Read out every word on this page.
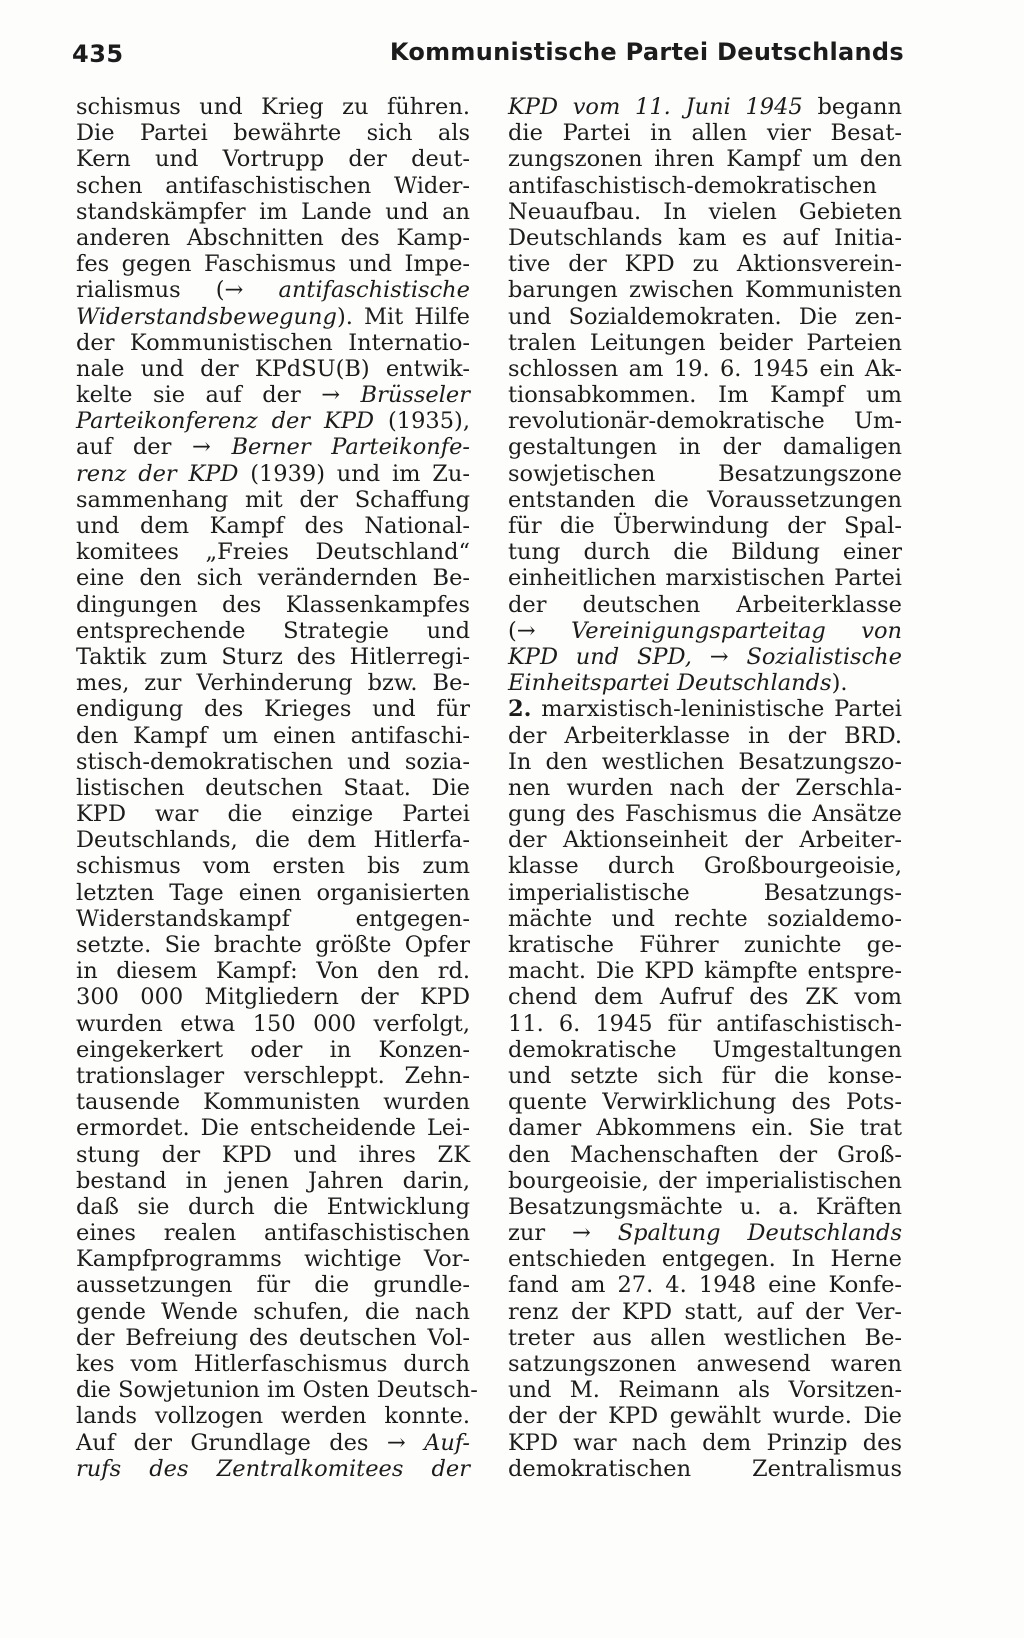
435	Kommunistische Partei Deutschlands
schismus und Krieg zu führen.
Die Partei bewährte sich als
Kern und Vortrupp der deut-
schen antifaschistischen Wider-
standskämpfer im Lande und an
anderen Abschnitten des Kamp-
fes gegen Faschismus und Impe-
rialismus (→ antifaschistische
Widerstandsbewegung). Mit Hilfe
der Kommunistischen Internatio-
nale und der KPdSU(B) entwik-
kelte sie auf der → Brüsseler
Parteikonferenz der KPD (1935),
auf der → Berner Parteikonfe-
renz der KPD (1939) und im Zu-
sammenhang mit der Schaffung
und dem Kampf des National-
komitees „Freies Deutschland“
eine den sich verändernden Be-
dingungen des Klassenkampfes
entsprechende Strategie und
Taktik zum Sturz des Hitlerregi-
mes, zur Verhinderung bzw. Be-
endigung des Krieges und für
den Kampf um einen antifaschi-
stisch-demokratischen und sozia-
listischen deutschen Staat. Die
KPD war die einzige Partei
Deutschlands, die dem Hitlerfa-
schismus vom ersten bis zum
letzten Tage einen organisierten
Widerstandskampf entgegen-
setzte. Sie brachte größte Opfer
in diesem Kampf: Von den rd.
300 000 Mitgliedern der KPD
wurden etwa 150 000 verfolgt,
eingekerkert oder in Konzen-
trationslager verschleppt. Zehn-
tausende Kommunisten wurden
ermordet. Die entscheidende Lei-
stung der KPD und ihres ZK
bestand in jenen Jahren darin,
daß sie durch die Entwicklung
eines realen antifaschistischen
Kampfprogramms wichtige Vor-
aussetzungen für die grundle-
gende Wende schufen, die nach
der Befreiung des deutschen Vol-
kes vom Hitlerfaschismus durch
die Sowjetunion im Osten Deutsch-
lands vollzogen werden konnte.
Auf der Grundlage des → Auf-
rufs des Zentralkomitees der
KPD vom 11. Juni 1945 begann
die Partei in allen vier Besat-
zungszonen ihren Kampf um den
antifaschistisch-demokratischen
Neuaufbau. In vielen Gebieten
Deutschlands kam es auf Initia-
tive der KPD zu Aktionsverein-
barungen zwischen Kommunisten
und Sozialdemokraten. Die zen-
tralen Leitungen beider Parteien
schlossen am 19. 6. 1945 ein Ak-
tionsabkommen. Im Kampf um
revolutionär-demokratische Um-
gestaltungen in der damaligen
sowjetischen Besatzungszone
entstanden die Voraussetzungen
für die Überwindung der Spal-
tung durch die Bildung einer
einheitlichen marxistischen Partei
der deutschen Arbeiterklasse
(→ Vereinigungsparteitag von
KPD und SPD, → Sozialistische
Einheitspartei Deutschlands).
2. marxistisch-leninistische Partei
der Arbeiterklasse in der BRD.
In den westlichen Besatzungszo-
nen wurden nach der Zerschla-
gung des Faschismus die Ansätze
der Aktionseinheit der Arbeiter-
klasse durch Großbourgeoisie,
imperialistische Besatzungs-
mächte und rechte sozialdemo-
kratische Führer zunichte ge-
macht. Die KPD kämpfte entspre-
chend dem Aufruf des ZK vom
11. 6. 1945 für antifaschistisch-
demokratische Umgestaltungen
und setzte sich für die konse-
quente Verwirklichung des Pots-
damer Abkommens ein. Sie trat
den Machenschaften der Groß-
bourgeoisie, der imperialistischen
Besatzungsmächte u. a. Kräften
zur → Spaltung Deutschlands
entschieden entgegen. In Herne
fand am 27. 4. 1948 eine Konfe-
renz der KPD statt, auf der Ver-
treter aus allen westlichen Be-
satzungszonen anwesend waren
und M. Reimann als Vorsitzen-
der der KPD gewählt wurde. Die
KPD war nach dem Prinzip des
demokratischen Zentralismus
